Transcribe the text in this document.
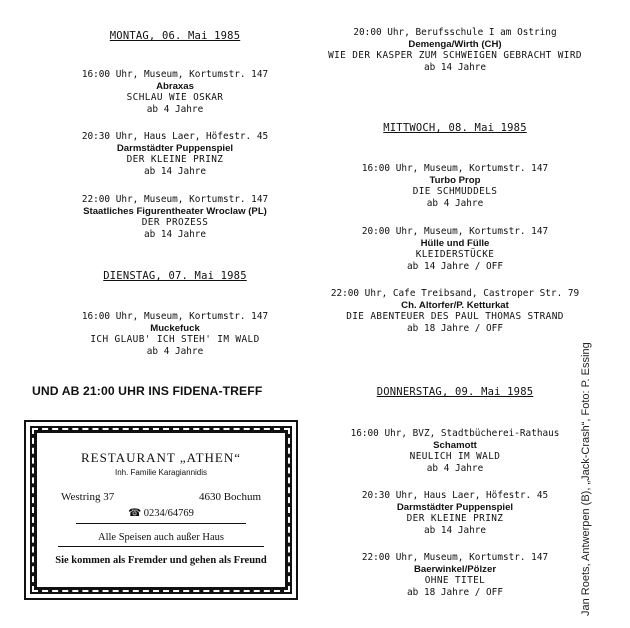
MONTAG, 06. Mai 1985
16:00 Uhr, Museum, Kortumstr. 147
Abraxas
SCHLAU WIE OSKAR
ab 4 Jahre
20:30 Uhr, Haus Laer, Höfestr. 45
Darmstädter Puppenspiel
DER KLEINE PRINZ
ab 14 Jahre
22:00 Uhr, Museum, Kortumstr. 147
Staatliches Figurentheater Wroclaw (PL)
DER PROZESS
ab 14 Jahre
DIENSTAG, 07. Mai 1985
16:00 Uhr, Museum, Kortumstr. 147
Muckefuck
ICH GLAUB' ICH STEH' IM WALD
ab 4 Jahre
UND AB 21:00 UHR INS FIDENA-TREFF
RESTAURANT „ATHEN“
Inh. Familie Karagiannidis
Westring 37	4630 Bochum
☎ 0234/64769
Alle Speisen auch außer Haus
Sie kommen als Fremder und gehen als Freund
20:00 Uhr, Berufsschule I am Ostring
Demenga/Wirth (CH)
WIE DER KASPER ZUM SCHWEIGEN GEBRACHT WIRD
ab 14 Jahre
MITTWOCH, 08. Mai 1985
16:00 Uhr, Museum, Kortumstr. 147
Turbo Prop
DIE SCHMUDDELS
ab 4 Jahre
20:00 Uhr, Museum, Kortumstr. 147
Hülle und Fülle
KLEIDERSTÜCKE
ab 14 Jahre / OFF
22:00 Uhr, Cafe Treibsand, Castroper Str. 79
Ch. Altorfer/P. Ketturkat
DIE ABENTEUER DES PAUL THOMAS STRAND
ab 18 Jahre / OFF
DONNERSTAG, 09. Mai 1985
16:00 Uhr, BVZ, Stadtbücherei-Rathaus
Schamott
NEULICH IM WALD
ab 4 Jahre
20:30 Uhr, Haus Laer, Höfestr. 45
Darmstädter Puppenspiel
DER KLEINE PRINZ
ab 14 Jahre
22:00 Uhr, Museum, Kortumstr. 147
Baerwinkel/Pölzer
OHNE TITEL
ab 18 Jahre / OFF	Jan Roets, Antwerpen (B), „Jack-Crash“, Foto: P. Essing
